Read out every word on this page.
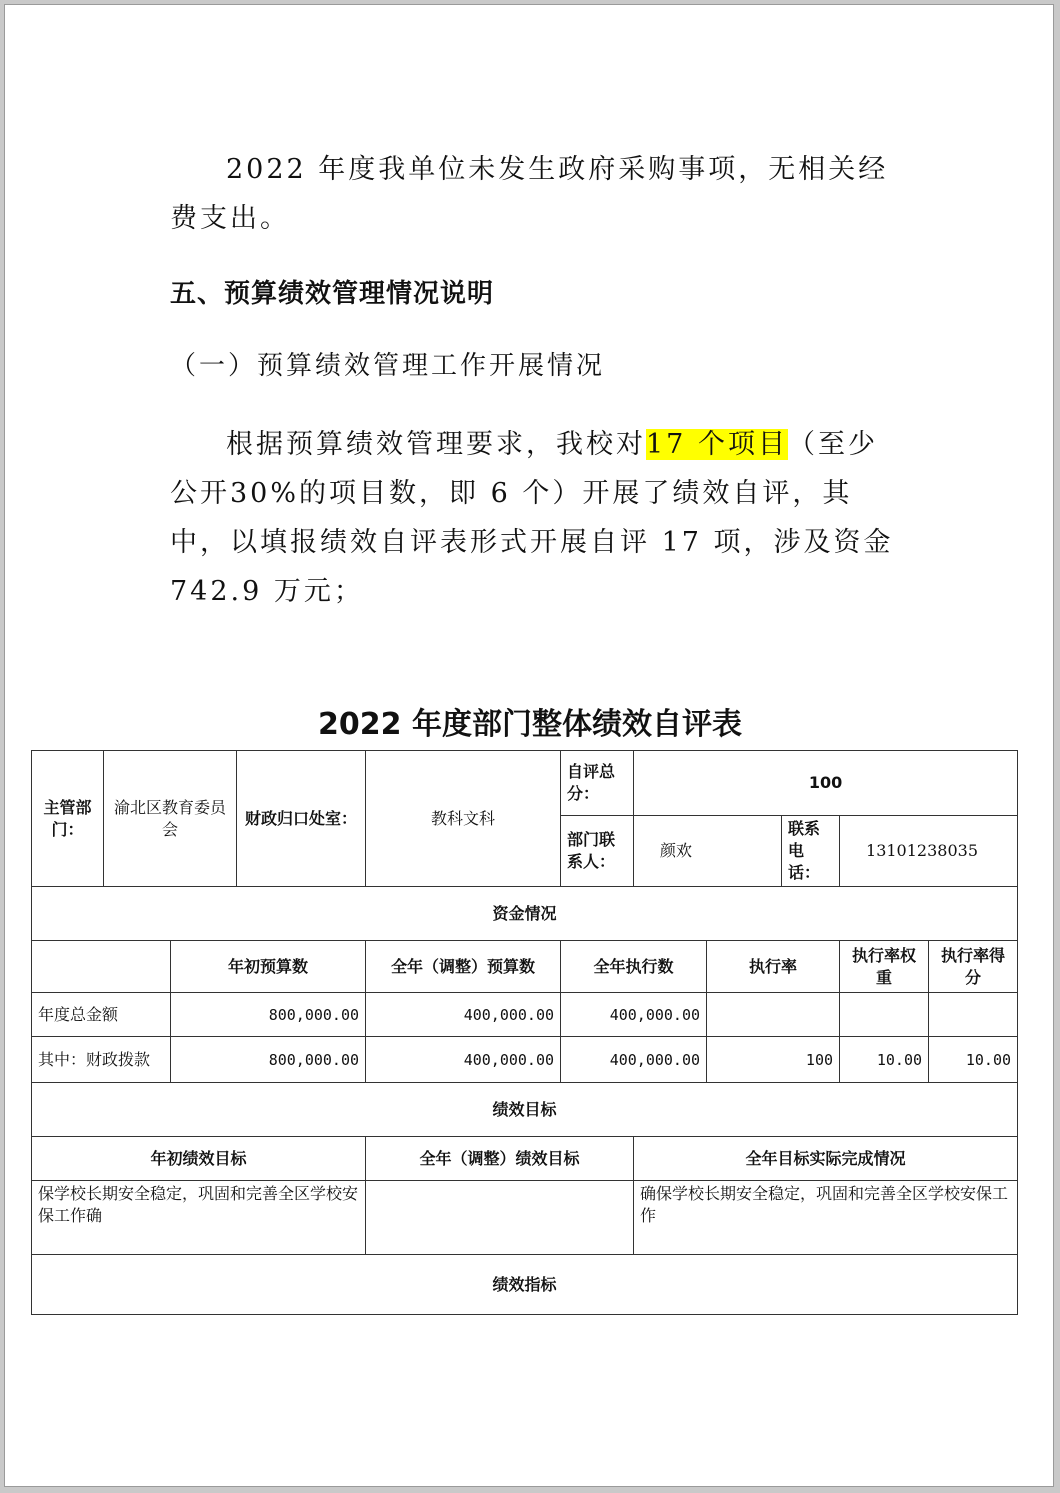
2022 年度我单位未发生政府采购事项，无相关经费支出。

五、预算绩效管理情况说明
（一）预算绩效管理工作开展情况

根据预算绩效管理要求，我校对17 个项目（至少公开30%的项目数，即 6 个）开展了绩效自评，其中，以填报绩效自评表形式开展自评 17 项，涉及资金 742.9 万元；

2022 年度部门整体绩效自评表
主管部门：	渝北区教育委员会		财政归口处室：	教科文科	自评总分：	100				
					部门联系人：	颜欢		联系电话：	13101238035	
资金情况										
		年初预算数		全年（调整）预算数	全年执行数		执行率		执行率权重	执行率得分
年度总金额		800,000.00		400,000.00	400,000.00					
其中：财政拨款		800,000.00		400,000.00	400,000.00		100		10.00	10.00
绩效目标										
年初绩效目标				全年（调整）绩效目标		全年目标实际完成情况				
保学校长期安全稳定，巩固和完善全区学校安保工作确						确保学校长期安全稳定，巩固和完善全区学校安保工作				
绩效指标										
